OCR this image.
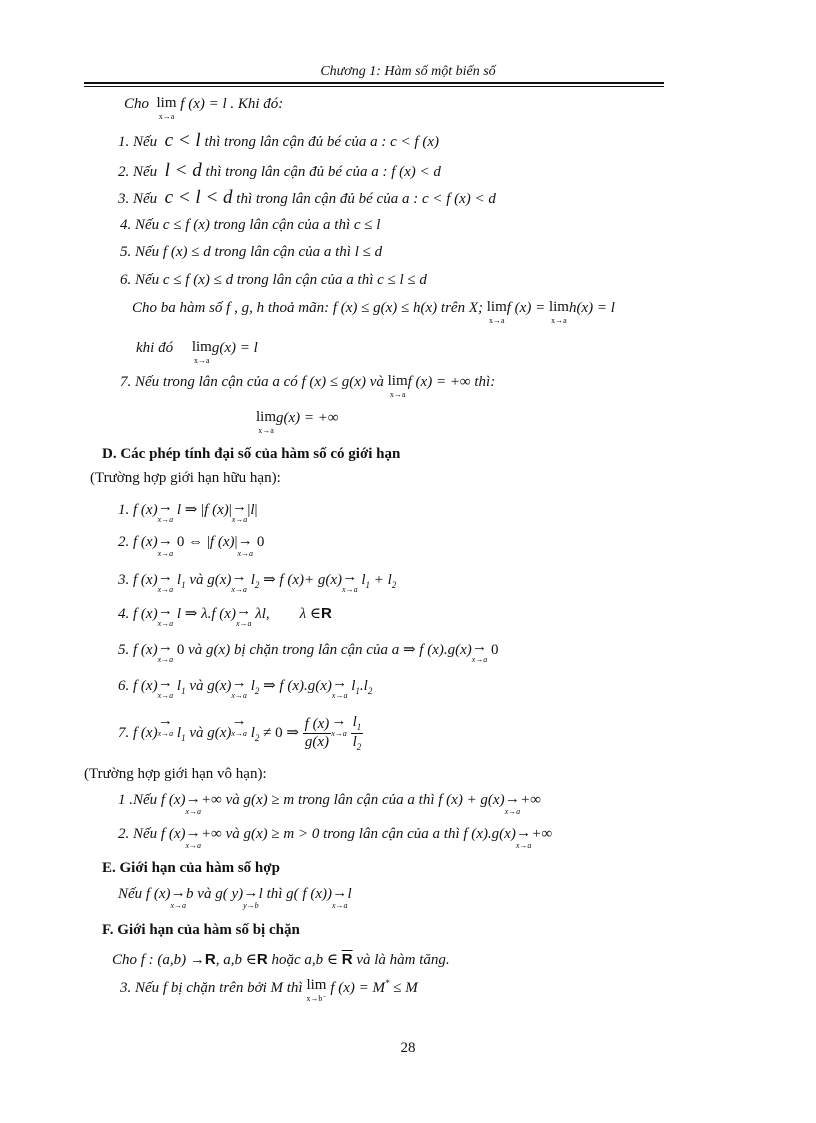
Chương 1: Hàm số một biến số
Cho lim
x→a
f (x) = l . Khi đó:
1. Nếu c < l thì trong lân cận đủ bé của a : c < f (x)
2. Nếu l < d thì trong lân cận đủ bé của a : f (x) < d
3. Nếu c < l < d thì trong lân cận đủ bé của a : c < f (x) < d
4. Nếu c ≤ f (x) trong lân cận của a thì c ≤ l
5. Nếu f (x) ≤ d trong lân cận của a thì l ≤ d
6. Nếu c ≤ f (x) ≤ d trong lân cận của a thì c ≤ l ≤ d
Cho ba hàm số f , g, h thoả mãn: f (x) ≤ g(x) ≤ h(x) trên X; lim
x→a
f (x) = lim
x→a
h(x) = l
khi đó lim
x→a
g(x) = l
7. Nếu trong lân cận của a có f (x) ≤ g(x) và lim
x→a
f (x) = +∞ thì:
lim
x→a
g(x) = +∞
D. Các phép tính đại số của hàm số có giới hạn
(Trường hợp giới hạn hữu hạn):
1. f (x)→
x→a
l ⇒ |f (x)|→
x→a
|l|
2. f (x)→
x→a
0 ⇔ |f (x)|→
x→a
0
3. f (x)→
x→a
$l_1$ và g(x)→
x→a
$l_2$ ⇒ f (x)+ g(x)→
x→a
$l_1 + l_2$
4. f (x)→
x→a
l ⇒ λ.f (x)→
x→a
λl,        λ ∈R
5. f (x)→
x→a
0 và g(x) bị chặn trong lân cận của a ⇒ f (x).g(x)→
x→a
0
6. f (x)→
x→a
$l_1$ và g(x)→
x→a
$l_2$ ⇒ f (x).g(x)→
x→a
$l_1.l_2$
7. f (x)→
x→a $l_1$ và g(x)→
x→a $l_2 \ne 0$ ⇒ $\frac{f (x)}{g(x)}$ →
x→a
$\frac{l_1}{l_2}$
(Trường hợp giới hạn vô hạn):
1 .Nếu f (x)→
x→a
+∞ và g(x) ≥ m trong lân cận của a thì f (x) + g(x)→
x→a
+∞
2. Nếu f (x)→
x→a
+∞ và g(x) ≥ m > 0 trong lân cận của a thì f (x).g(x)→
x→a
+∞
E. Giới hạn của hàm số hợp
Nếu f (x)→
x→a
b và g( y)→
y→b
l thì g( f (x))→
x→a
l
F. Giới hạn của hàm số bị chặn
Cho f : (a,b) →R, a,b ∈R hoặc a,b ∈ $\overline{R}$ và là hàm tăng.
3. Nếu f bị chặn trên bởi M thì lim
x→b⁻
f (x) = M* ≤ M
28
